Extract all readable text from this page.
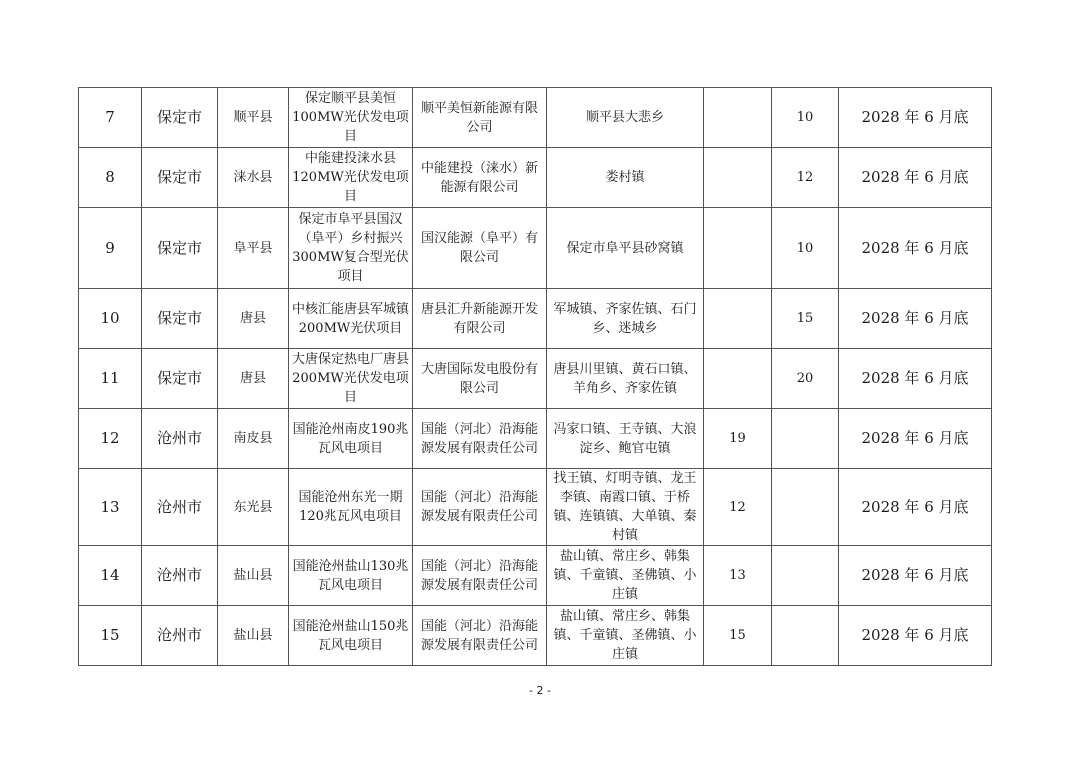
7	保定市	顺平县	保定顺平县美恒100MW光伏发电项目	顺平美恒新能源有限公司	顺平县大悲乡		10	2028 年 6 月底
8	保定市	涞水县	中能建投涞水县120MW光伏发电项目	中能建投（涞水）新能源有限公司	娄村镇		12	2028 年 6 月底
9	保定市	阜平县	保定市阜平县国汉（阜平）乡村振兴300MW复合型光伏项目	国汉能源（阜平）有限公司	保定市阜平县砂窝镇		10	2028 年 6 月底
10	保定市	唐县	中核汇能唐县军城镇200MW光伏项目	唐县汇升新能源开发有限公司	军城镇、齐家佐镇、石门乡、迷城乡		15	2028 年 6 月底
11	保定市	唐县	大唐保定热电厂唐县200MW光伏发电项目	大唐国际发电股份有限公司	唐县川里镇、黄石口镇、羊角乡、齐家佐镇		20	2028 年 6 月底
12	沧州市	南皮县	国能沧州南皮190兆瓦风电项目	国能（河北）沿海能源发展有限责任公司	冯家口镇、王寺镇、大浪淀乡、鲍官屯镇	19		2028 年 6 月底
13	沧州市	东光县	国能沧州东光一期120兆瓦风电项目	国能（河北）沿海能源发展有限责任公司	找王镇、灯明寺镇、龙王李镇、南霞口镇、于桥镇、连镇镇、大单镇、秦村镇	12		2028 年 6 月底
14	沧州市	盐山县	国能沧州盐山130兆瓦风电项目	国能（河北）沿海能源发展有限责任公司	盐山镇、常庄乡、韩集镇、千童镇、圣佛镇、小庄镇	13		2028 年 6 月底
15	沧州市	盐山县	国能沧州盐山150兆瓦风电项目	国能（河北）沿海能源发展有限责任公司	盐山镇、常庄乡、韩集镇、千童镇、圣佛镇、小庄镇	15		2028 年 6 月底
- 2 -
